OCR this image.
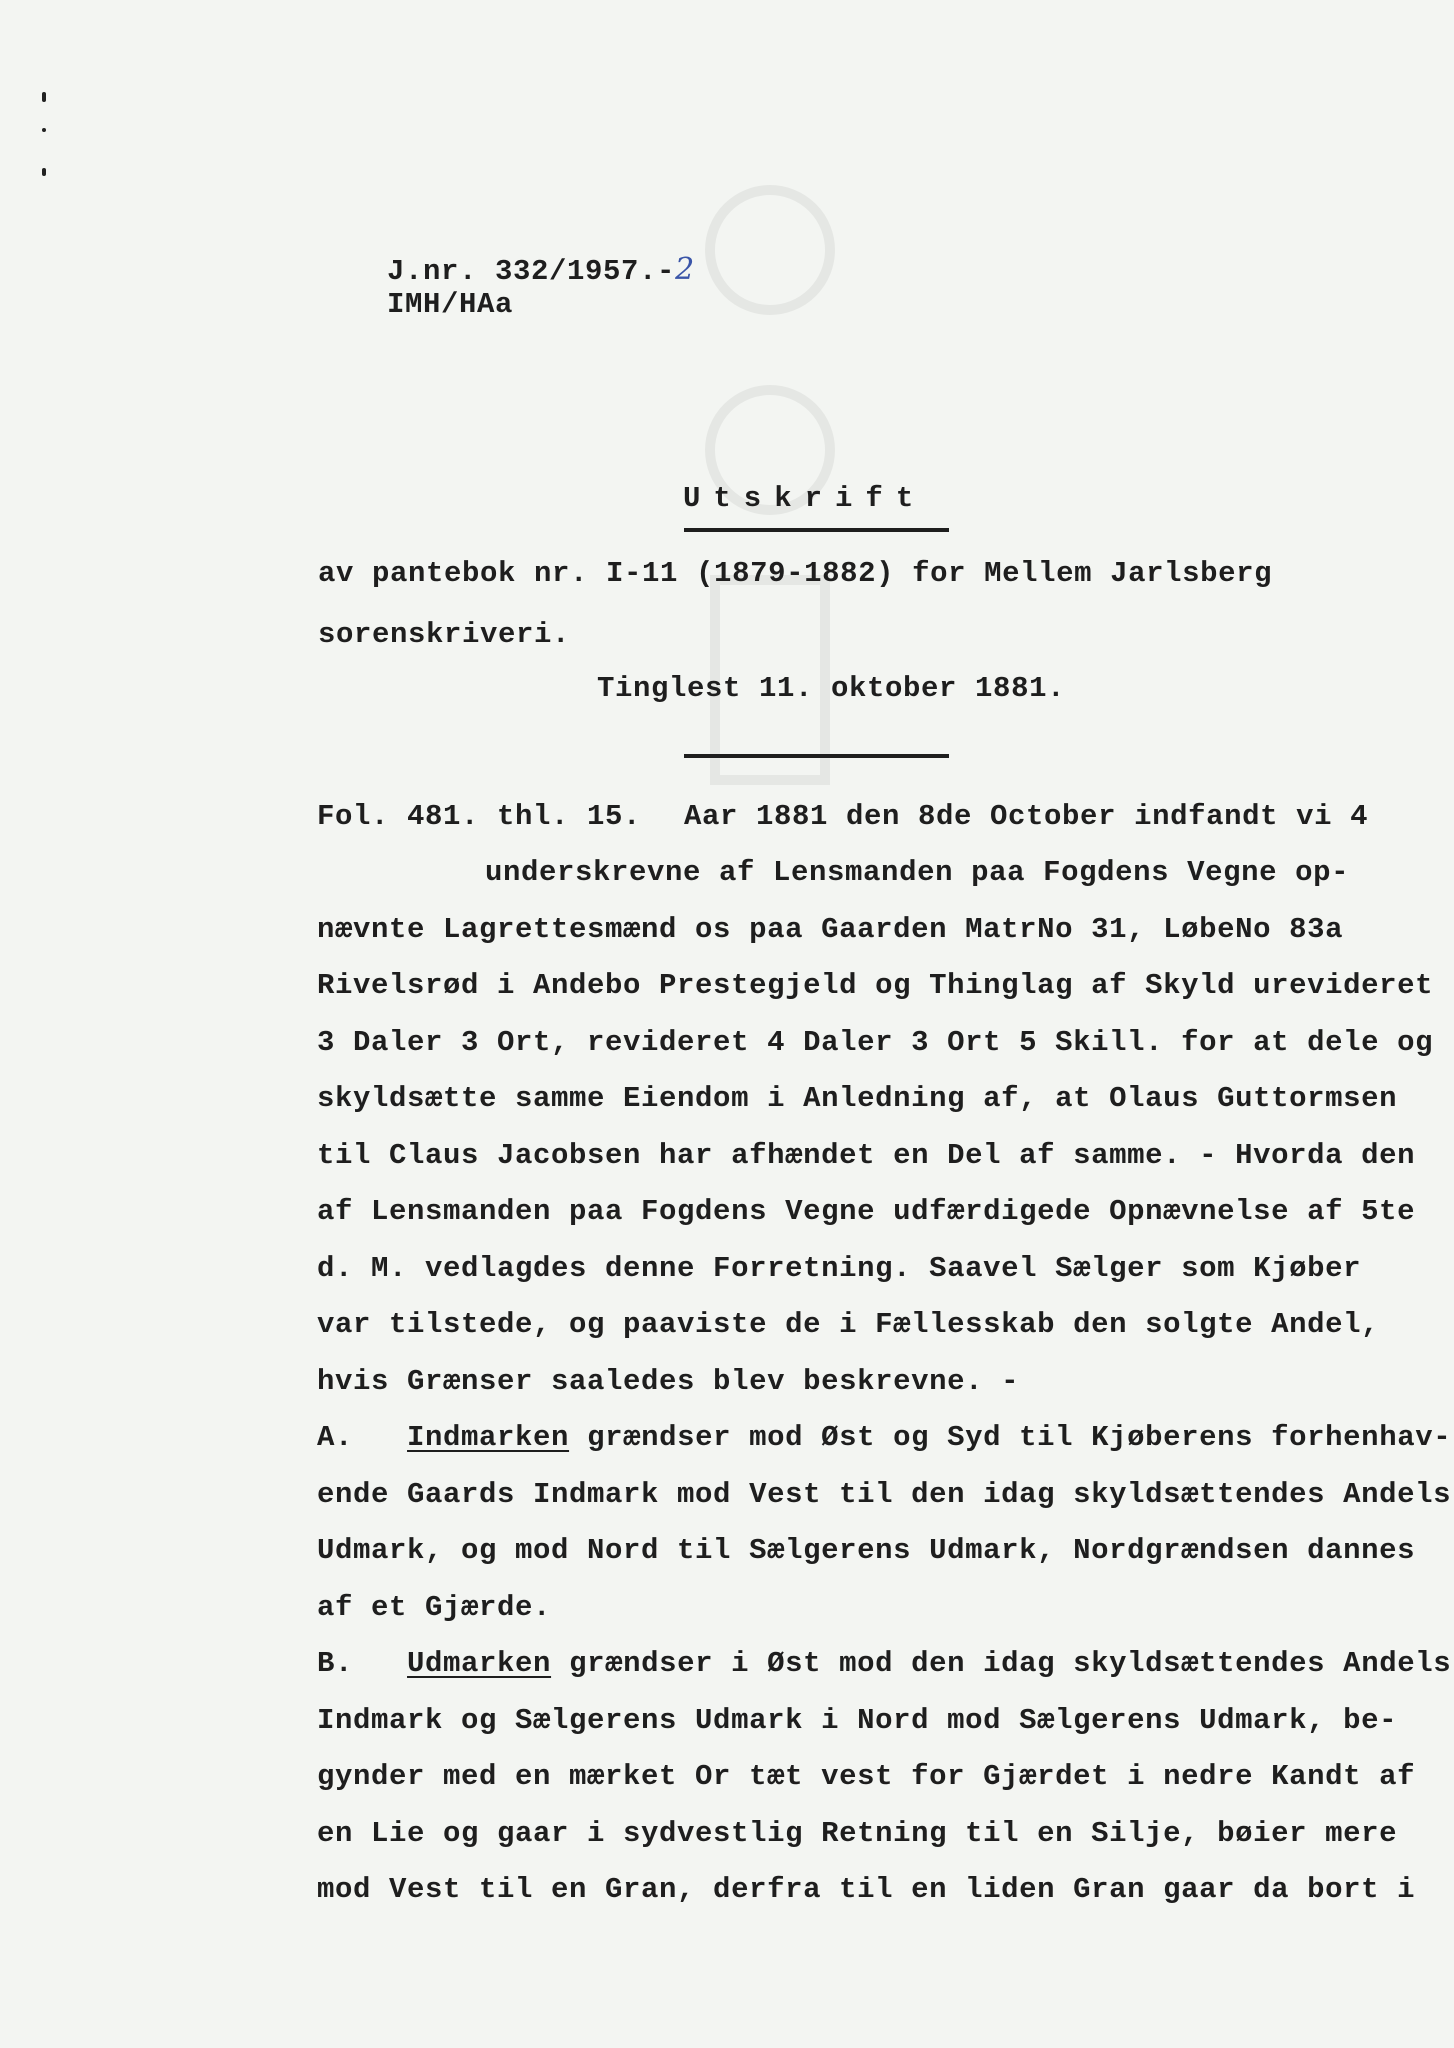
J.nr. 332/1957.-2

IMH/HAa
Utskrift
av pantebok nr. I-11 (1879-1882) for Mellem Jarlsberg
sorenskriveri.
Tinglest 11. oktober 1881.
Fol. 481. thl. 15. Aar 1881 den 8de October indfandt vi 4
underskrevne af Lensmanden paa Fogdens Vegne op-
nævnte Lagrettesmænd os paa Gaarden MatrNo 31, LøbeNo 83a
Rivelsrød i Andebo Prestegjeld og Thinglag af Skyld urevideret
3 Daler 3 Ort, revideret 4 Daler 3 Ort 5 Skill. for at dele og
skyldsætte samme Eiendom i Anledning af, at Olaus Guttormsen
til Claus Jacobsen har afhændet en Del af samme. - Hvorda den
af Lensmanden paa Fogdens Vegne udfærdigede Opnævnelse af 5te
d. M. vedlagdes denne Forretning. Saavel Sælger som Kjøber
var tilstede, og paaviste de i Fællesskab den solgte Andel,
hvis Grænser saaledes blev beskrevne. -
A. Indmarken grændser mod Øst og Syd til Kjøberens forhenhav-
ende Gaards Indmark mod Vest til den idag skyldsættendes Andels
Udmark, og mod Nord til Sælgerens Udmark, Nordgrændsen dannes
af et Gjærde.
B. Udmarken grændser i Øst mod den idag skyldsættendes Andels
Indmark og Sælgerens Udmark i Nord mod Sælgerens Udmark, be-
gynder med en mærket Or tæt vest for Gjærdet i nedre Kandt af
en Lie og gaar i sydvestlig Retning til en Silje, bøier mere
mod Vest til en Gran, derfra til en liden Gran gaar da bort i
